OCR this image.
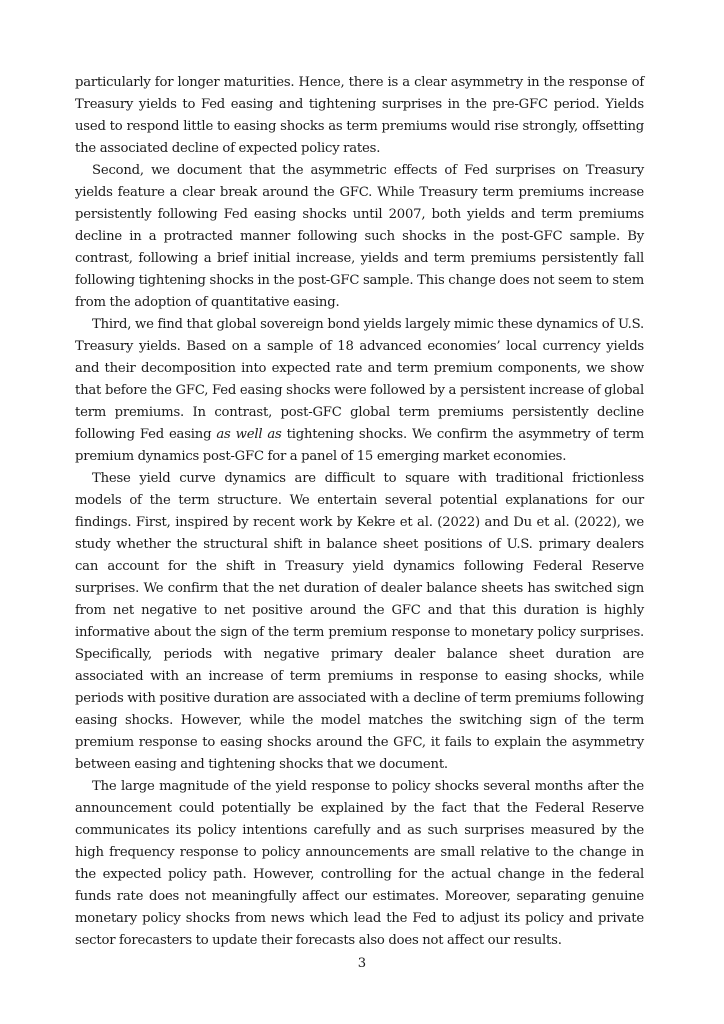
particularly for longer maturities. Hence, there is a clear asymmetry in the response of Treasury yields to Fed easing and tightening surprises in the pre-GFC period. Yields used to respond little to easing shocks as term premiums would rise strongly, offsetting the associated decline of expected policy rates.

Second, we document that the asymmetric effects of Fed surprises on Treasury yields feature a clear break around the GFC. While Treasury term premiums increase persistently following Fed easing shocks until 2007, both yields and term premiums decline in a protracted manner following such shocks in the post-GFC sample. By contrast, following a brief initial increase, yields and term premiums persistently fall following tightening shocks in the post-GFC sample. This change does not seem to stem from the adoption of quantitative easing.

Third, we find that global sovereign bond yields largely mimic these dynamics of U.S. Treasury yields. Based on a sample of 18 advanced economies’ local currency yields and their decomposition into expected rate and term premium components, we show that before the GFC, Fed easing shocks were followed by a persistent increase of global term premiums. In contrast, post-GFC global term premiums persistently decline following Fed easing as well as tightening shocks. We confirm the asymmetry of term premium dynamics post-GFC for a panel of 15 emerging market economies.

These yield curve dynamics are difficult to square with traditional frictionless models of the term structure. We entertain several potential explanations for our findings. First, inspired by recent work by Kekre et al. (2022) and Du et al. (2022), we study whether the structural shift in balance sheet positions of U.S. primary dealers can account for the shift in Treasury yield dynamics following Federal Reserve surprises. We confirm that the net duration of dealer balance sheets has switched sign from net negative to net positive around the GFC and that this duration is highly informative about the sign of the term premium response to monetary policy surprises. Specifically, periods with negative primary dealer balance sheet duration are associated with an increase of term premiums in response to easing shocks, while periods with positive duration are associated with a decline of term premiums following easing shocks. However, while the model matches the switching sign of the term premium response to easing shocks around the GFC, it fails to explain the asymmetry between easing and tightening shocks that we document.

The large magnitude of the yield response to policy shocks several months after the announcement could potentially be explained by the fact that the Federal Reserve communicates its policy intentions carefully and as such surprises measured by the high frequency response to policy announcements are small relative to the change in the expected policy path. However, controlling for the actual change in the federal funds rate does not meaningfully affect our estimates. Moreover, separating genuine monetary policy shocks from news which lead the Fed to adjust its policy and private sector forecasters to update their forecasts also does not affect our results.

3
